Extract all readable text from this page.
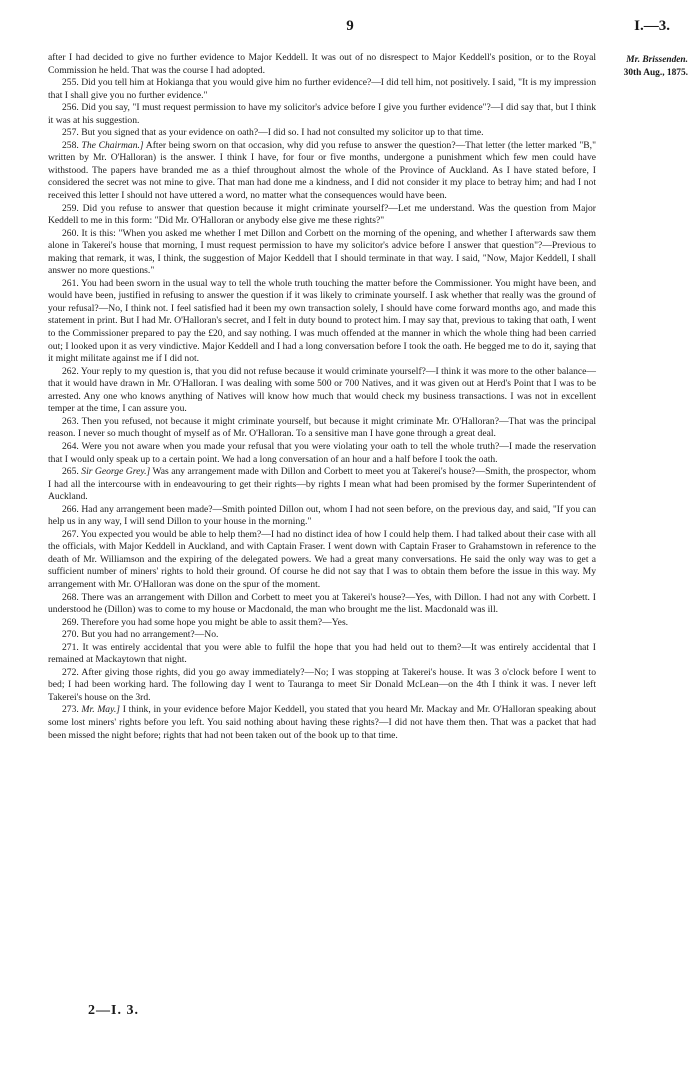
9	I.—3.
Mr. Brissenden.
30th Aug., 1875.

after I had decided to give no further evidence to Major Keddell. It was out of no disrespect to Major Keddell's position, or to the Royal Commission he held. That was the course I had adopted.

255. Did you tell him at Hokianga that you would give him no further evidence?—I did tell him, not positively. I said, "It is my impression that I shall give you no further evidence."

256. Did you say, "I must request permission to have my solicitor's advice before I give you further evidence"?—I did say that, but I think it was at his suggestion.

257. But you signed that as your evidence on oath?—I did so. I had not consulted my solicitor up to that time.

258. The Chairman.] After being sworn on that occasion, why did you refuse to answer the question?—That letter (the letter marked "B," written by Mr. O'Halloran) is the answer. I think I have, for four or five months, undergone a punishment which few men could have withstood. The papers have branded me as a thief throughout almost the whole of the Province of Auckland. As I have stated before, I considered the secret was not mine to give. That man had done me a kindness, and I did not consider it my place to betray him; and had I not received this letter I should not have uttered a word, no matter what the consequences would have been.

259. Did you refuse to answer that question because it might criminate yourself?—Let me understand. Was the question from Major Keddell to me in this form: "Did Mr. O'Halloran or anybody else give me these rights?"

260. It is this: "When you asked me whether I met Dillon and Corbett on the morning of the opening, and whether I afterwards saw them alone in Takerei's house that morning, I must request permission to have my solicitor's advice before I answer that question"?—Previous to making that remark, it was, I think, the suggestion of Major Keddell that I should terminate in that way. I said, "Now, Major Keddell, I shall answer no more questions."

261. You had been sworn in the usual way to tell the whole truth touching the matter before the Commissioner. You might have been, and would have been, justified in refusing to answer the question if it was likely to criminate yourself. I ask whether that really was the ground of your refusal?—No, I think not. I feel satisfied had it been my own transaction solely, I should have come forward months ago, and made this statement in print. But I had Mr. O'Halloran's secret, and I felt in duty bound to protect him. I may say that, previous to taking that oath, I went to the Commissioner prepared to pay the £20, and say nothing. I was much offended at the manner in which the whole thing had been carried out; I looked upon it as very vindictive. Major Keddell and I had a long conversation before I took the oath. He begged me to do it, saying that it might militate against me if I did not.

262. Your reply to my question is, that you did not refuse because it would criminate yourself?—I think it was more to the other balance—that it would have drawn in Mr. O'Halloran. I was dealing with some 500 or 700 Natives, and it was given out at Herd's Point that I was to be arrested. Any one who knows anything of Natives will know how much that would check my business transactions. I was not in excellent temper at the time, I can assure you.

263. Then you refused, not because it might criminate yourself, but because it might criminate Mr. O'Halloran?—That was the principal reason. I never so much thought of myself as of Mr. O'Halloran. To a sensitive man I have gone through a great deal.

264. Were you not aware when you made your refusal that you were violating your oath to tell the whole truth?—I made the reservation that I would only speak up to a certain point. We had a long conversation of an hour and a half before I took the oath.

265. Sir George Grey.] Was any arrangement made with Dillon and Corbett to meet you at Takerei's house?—Smith, the prospector, whom I had all the intercourse with in endeavouring to get their rights—by rights I mean what had been promised by the former Superintendent of Auckland.

266. Had any arrangement been made?—Smith pointed Dillon out, whom I had not seen before, on the previous day, and said, "If you can help us in any way, I will send Dillon to your house in the morning."

267. You expected you would be able to help them?—I had no distinct idea of how I could help them. I had talked about their case with all the officials, with Major Keddell in Auckland, and with Captain Fraser. I went down with Captain Fraser to Grahamstown in reference to the death of Mr. Williamson and the expiring of the delegated powers. We had a great many conversations. He said the only way was to get a sufficient number of miners' rights to hold their ground. Of course he did not say that I was to obtain them before the issue in this way. My arrangement with Mr. O'Halloran was done on the spur of the moment.

268. There was an arrangement with Dillon and Corbett to meet you at Takerei's house?—Yes, with Dillon. I had not any with Corbett. I understood he (Dillon) was to come to my house or Macdonald, the man who brought me the list. Macdonald was ill.

269. Therefore you had some hope you might be able to assit them?—Yes.

270. But you had no arrangement?—No.

271. It was entirely accidental that you were able to fulfil the hope that you had held out to them?—It was entirely accidental that I remained at Mackaytown that night.

272. After giving those rights, did you go away immediately?—No; I was stopping at Takerei's house. It was 3 o'clock before I went to bed; I had been working hard. The following day I went to Tauranga to meet Sir Donald McLean—on the 4th I think it was. I never left Takerei's house on the 3rd.

273. Mr. May.] I think, in your evidence before Major Keddell, you stated that you heard Mr. Mackay and Mr. O'Halloran speaking about some lost miners' rights before you left. You said nothing about having these rights?—I did not have them then. That was a packet that had been missed the night before; rights that had not been taken out of the book up to that time.

2—I. 3.
